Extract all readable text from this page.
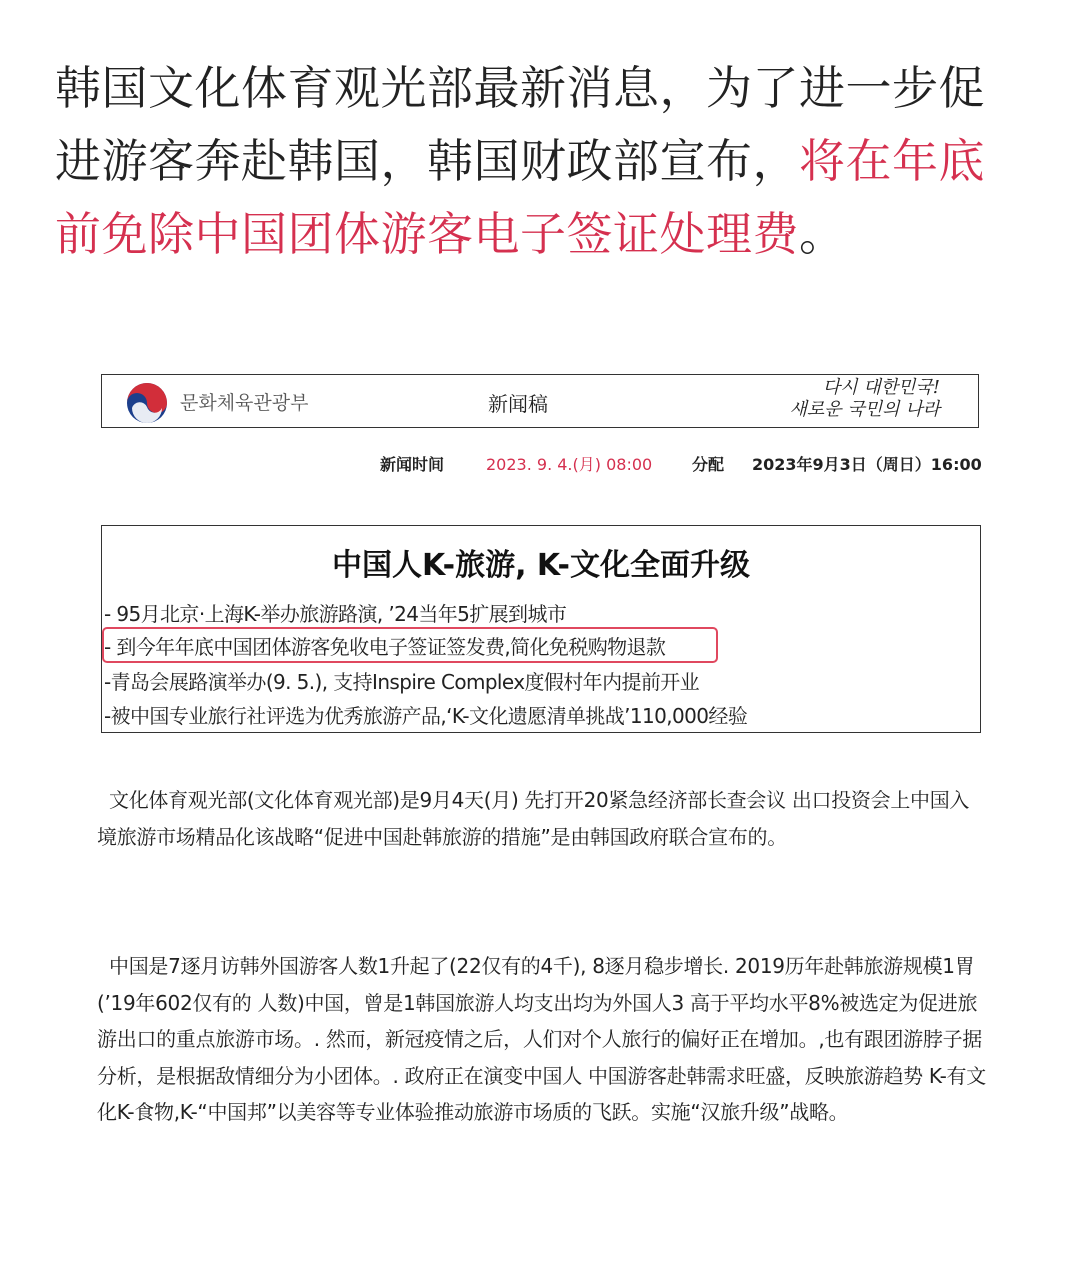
韩国文化体育观光部最新消息，为了进一步促进游客奔赴韩国，韩国财政部宣布，将在年底前免除中国团体游客电子签证处理费。
문화체육관광부	新闻稿
다시 대한민국!
새로운 국민의 나라
新闻时间	2023. 9. 4.(月) 08:00 分配 2023年9月3日（周日）16:00
中国人K-旅游, K-文化全面升级
- 95月北京·上海K-举办旅游路演, ’24当年5扩展到城市
- 到今年年底中国团体游客免收电子签证签发费,简化免税购物退款
-青岛会展路演举办(9. 5.), 支持Inspire Complex度假村年内提前开业
-被中国专业旅行社评选为优秀旅游产品,‘K-文化遗愿清单挑战’110,000经验
文化体育观光部(文化体育观光部)是9月4天(月) 先打开20紧急经济部长查会议 出口投资会上中国入境旅游市场精品化该战略“促进中国赴韩旅游的措施”是由韩国政府联合宣布的。
中国是7逐月访韩外国游客人数1升起了(22仅有的4千), 8逐月稳步增长. 2019历年赴韩旅游规模1胃(’19年602仅有的 人数)中国，曾是1韩国旅游人均支出均为外国人3 高于平均水平8%被选定为促进旅游出口的重点旅游市场。. 然而，新冠疫情之后，人们对个人旅行的偏好正在增加。,也有跟团游脖子据分析，是根据敌情细分为小团体。. 政府正在演变中国人 中国游客赴韩需求旺盛，反映旅游趋势 K-有文化K-食物,K-“中国邦”以美容等专业体验推动旅游市场质的飞跃。实施“汉旅升级”战略。
